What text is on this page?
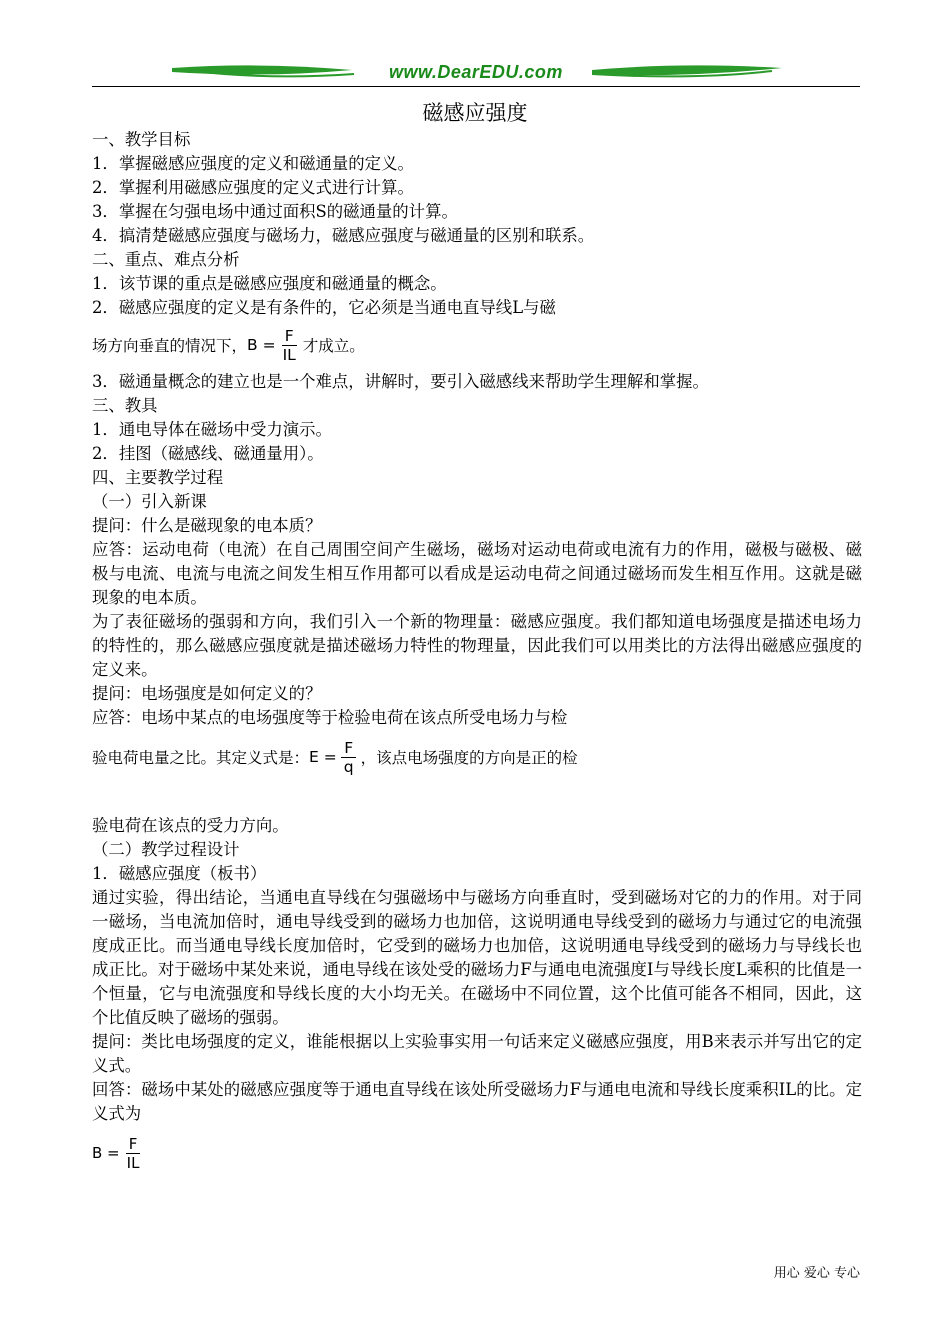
www.DearEDU.com
磁感应强度
一、教学目标
1．掌握磁感应强度的定义和磁通量的定义。
2．掌握利用磁感应强度的定义式进行计算。
3．掌握在匀强电场中通过面积S的磁通量的计算。
4．搞清楚磁感应强度与磁场力，磁感应强度与磁通量的区别和联系。
二、重点、难点分析
1．该节课的重点是磁感应强度和磁通量的概念。
2．磁感应强度的定义是有条件的，它必须是当通电直导线L与磁
场方向垂直的情况下， $B = \frac{F}{IL}$ 才成立。
3．磁通量概念的建立也是一个难点，讲解时，要引入磁感线来帮助学生理解和掌握。
三、教具
1．通电导体在磁场中受力演示。
2．挂图（磁感线、磁通量用）。
四、主要教学过程
（一）引入新课
提问：什么是磁现象的电本质？
应答：运动电荷（电流）在自己周围空间产生磁场，磁场对运动电荷或电流有力的作用，磁极与磁极、磁极与电流、电流与电流之间发生相互作用都可以看成是运动电荷之间通过磁场而发生相互作用。这就是磁现象的电本质。
为了表征磁场的强弱和方向，我们引入一个新的物理量：磁感应强度。我们都知道电场强度是描述电场力的特性的，那么磁感应强度就是描述磁场力特性的物理量，因此我们可以用类比的方法得出磁感应强度的定义来。
提问：电场强度是如何定义的？
应答：电场中某点的电场强度等于检验电荷在该点所受电场力与检
验电荷电量之比。其定义式是： $E = \frac{F}{q}$ ，该点电场强度的方向是正的检
验电荷在该点的受力方向。
（二）教学过程设计
1．磁感应强度（板书）
通过实验，得出结论，当通电直导线在匀强磁场中与磁场方向垂直时，受到磁场对它的力的作用。对于同一磁场，当电流加倍时，通电导线受到的磁场力也加倍，这说明通电导线受到的磁场力与通过它的电流强度成正比。而当通电导线长度加倍时，它受到的磁场力也加倍，这说明通电导线受到的磁场力与导线长也成正比。对于磁场中某处来说，通电导线在该处受的磁场力F与通电电流强度I与导线长度L乘积的比值是一个恒量，它与电流强度和导线长度的大小均无关。在磁场中不同位置，这个比值可能各不相同，因此，这个比值反映了磁场的强弱。
提问：类比电场强度的定义，谁能根据以上实验事实用一句话来定义磁感应强度，用B来表示并写出它的定义式。
回答：磁场中某处的磁感应强度等于通电直导线在该处所受磁场力F与通电电流和导线长度乘积IL的比。定义式为
$B = \frac{F}{IL}$
用心 爱心 专心
